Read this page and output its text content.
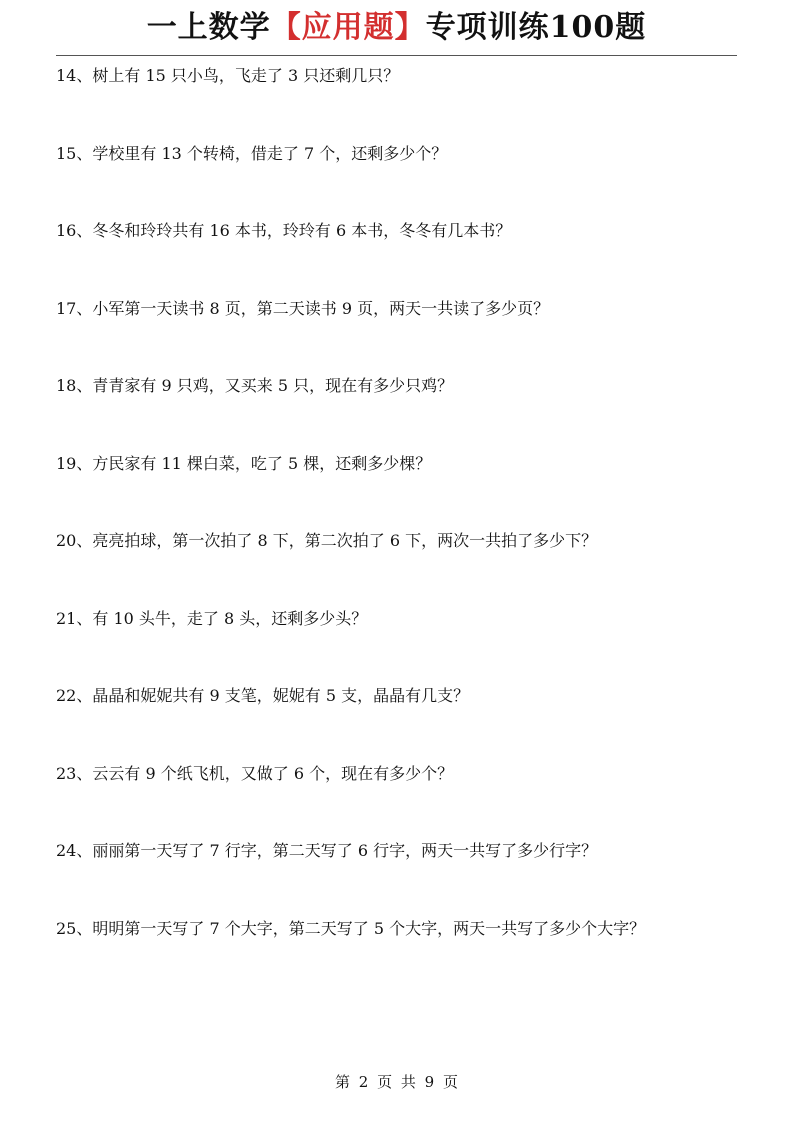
一上数学【应用题】专项训练100题
14、树上有 15 只小鸟，飞走了 3 只还剩几只？
15、学校里有 13 个转椅，借走了 7 个，还剩多少个？
16、冬冬和玲玲共有 16 本书，玲玲有 6 本书，冬冬有几本书？
17、小军第一天读书 8 页，第二天读书 9 页，两天一共读了多少页？
18、青青家有 9 只鸡，又买来 5 只，现在有多少只鸡？
19、方民家有 11 棵白菜，吃了 5 棵，还剩多少棵？
20、亮亮拍球，第一次拍了 8 下，第二次拍了 6 下，两次一共拍了多少下？
21、有 10 头牛，走了 8 头，还剩多少头？
22、晶晶和妮妮共有 9 支笔，妮妮有 5 支，晶晶有几支？
23、云云有 9 个纸飞机，又做了 6 个，现在有多少个？
24、丽丽第一天写了 7 行字，第二天写了 6 行字，两天一共写了多少行字？
25、明明第一天写了 7 个大字，第二天写了 5 个大字，两天一共写了多少个大字？
第 2 页 共 9 页
